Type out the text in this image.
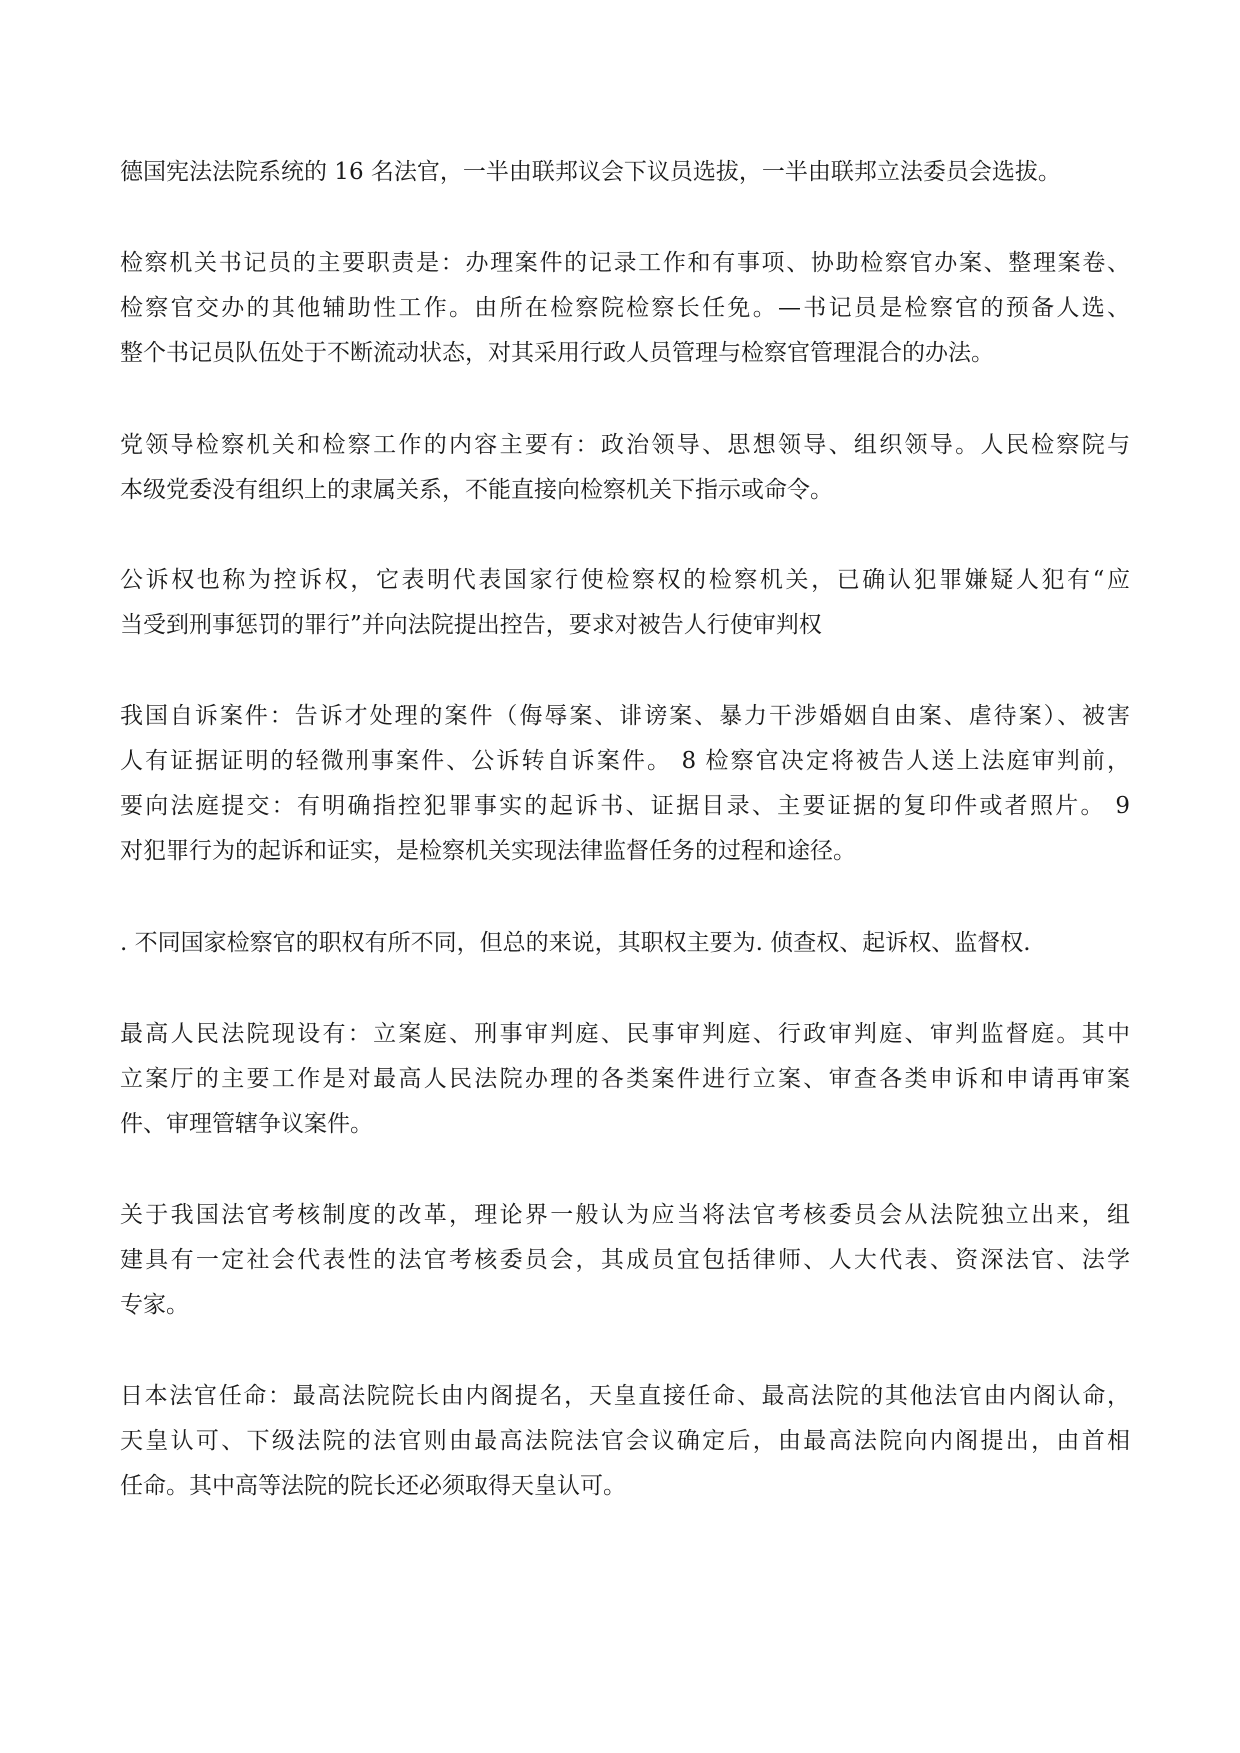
德国宪法法院系统的 16 名法官，一半由联邦议会下议员选拔，一半由联邦立法委员会选拔。

检察机关书记员的主要职责是：办理案件的记录工作和有事项、协助检察官办案、整理案卷、
检察官交办的其他辅助性工作。由所在检察院检察长任免。—书记员是检察官的预备人选、
整个书记员队伍处于不断流动状态，对其采用行政人员管理与检察官管理混合的办法。

党领导检察机关和检察工作的内容主要有：政治领导、思想领导、组织领导。人民检察院与
本级党委没有组织上的隶属关系，不能直接向检察机关下指示或命令。

公诉权也称为控诉权，它表明代表国家行使检察权的检察机关，已确认犯罪嫌疑人犯有“应
当受到刑事惩罚的罪行”并向法院提出控告，要求对被告人行使审判权

我国自诉案件：告诉才处理的案件（侮辱案、诽谤案、暴力干涉婚姻自由案、虐待案）、被害
人有证据证明的轻微刑事案件、公诉转自诉案件。 8 检察官决定将被告人送上法庭审判前，
要向法庭提交：有明确指控犯罪事实的起诉书、证据目录、主要证据的复印件或者照片。 9
对犯罪行为的起诉和证实，是检察机关实现法律监督任务的过程和途径。

. 不同国家检察官的职权有所不同，但总的来说，其职权主要为. 侦查权、起诉权、监督权.

最高人民法院现设有：立案庭、刑事审判庭、民事审判庭、行政审判庭、审判监督庭。其中
立案厅的主要工作是对最高人民法院办理的各类案件进行立案、审查各类申诉和申请再审案
件、审理管辖争议案件。

关于我国法官考核制度的改革，理论界一般认为应当将法官考核委员会从法院独立出来，组
建具有一定社会代表性的法官考核委员会，其成员宜包括律师、人大代表、资深法官、法学
专家。

日本法官任命：最高法院院长由内阁提名，天皇直接任命、最高法院的其他法官由内阁认命，
天皇认可、下级法院的法官则由最高法院法官会议确定后，由最高法院向内阁提出，由首相
任命。其中高等法院的院长还必须取得天皇认可。
